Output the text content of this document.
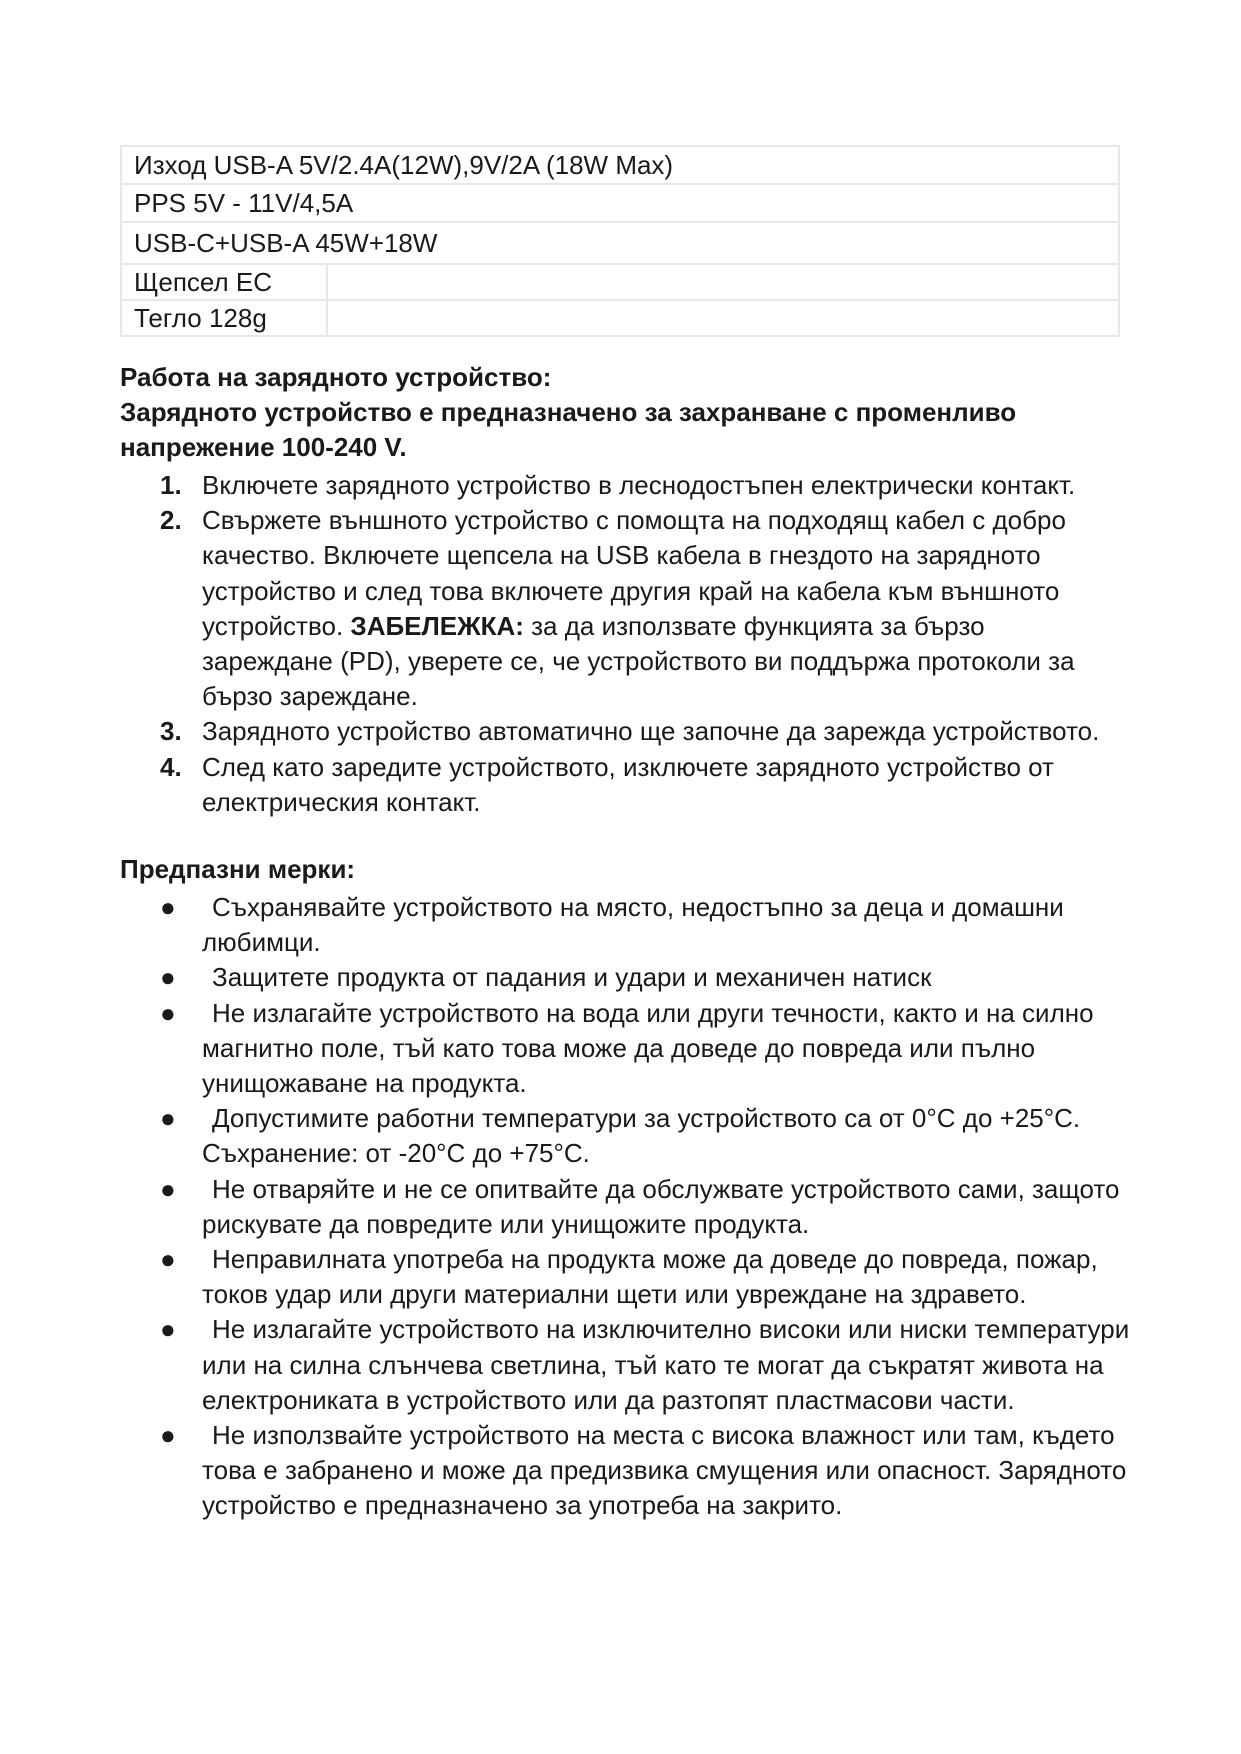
Изход USB-A 5V/2.4A(12W),9V/2A (18W Max)	
PPS 5V - 11V/4,5A	
USB-C+USB-A 45W+18W	
Щепсел ЕС	
Тегло 128g	
Работа на зарядното устройство:
Зарядното устройство е предназначено за захранване с променливо напрежение 100-240 V.
1. Включете зарядното устройство в леснодостъпен електрически контакт.
2. Свържете външното устройство с помощта на подходящ кабел с добро качество. Включете щепсела на USB кабела в гнездото на зарядното устройство и след това включете другия край на кабела към външното устройство. ЗАБЕЛЕЖКА: за да използвате функцията за бързо зареждане (PD), уверете се, че устройството ви поддържа протоколи за бързо зареждане.
3. Зарядното устройство автоматично ще започне да зарежда устройството.
4. След като заредите устройството, изключете зарядното устройство от електрическия контакт.
Предпазни мерки:
● Съхранявайте устройството на място, недостъпно за деца и домашни любимци.
● Защитете продукта от падания и удари и механичен натиск
● Не излагайте устройството на вода или други течности, както и на силно магнитно поле, тъй като това може да доведе до повреда или пълно унищожаване на продукта.
● Допустимите работни температури за устройството са от 0°C до +25°C. Съхранение: от -20°C до +75°C.
● Не отваряйте и не се опитвайте да обслужвате устройството сами, защото рискувате да повредите или унищожите продукта.
● Неправилната употреба на продукта може да доведе до повреда, пожар, токов удар или други материални щети или увреждане на здравето.
● Не излагайте устройството на изключително високи или ниски температури или на силна слънчева светлина, тъй като те могат да съкратят живота на електрониката в устройството или да разтопят пластмасови части.
● Не използвайте устройството на места с висока влажност или там, където това е забранено и може да предизвика смущения или опасност. Зарядното устройство е предназначено за употреба на закрито.
